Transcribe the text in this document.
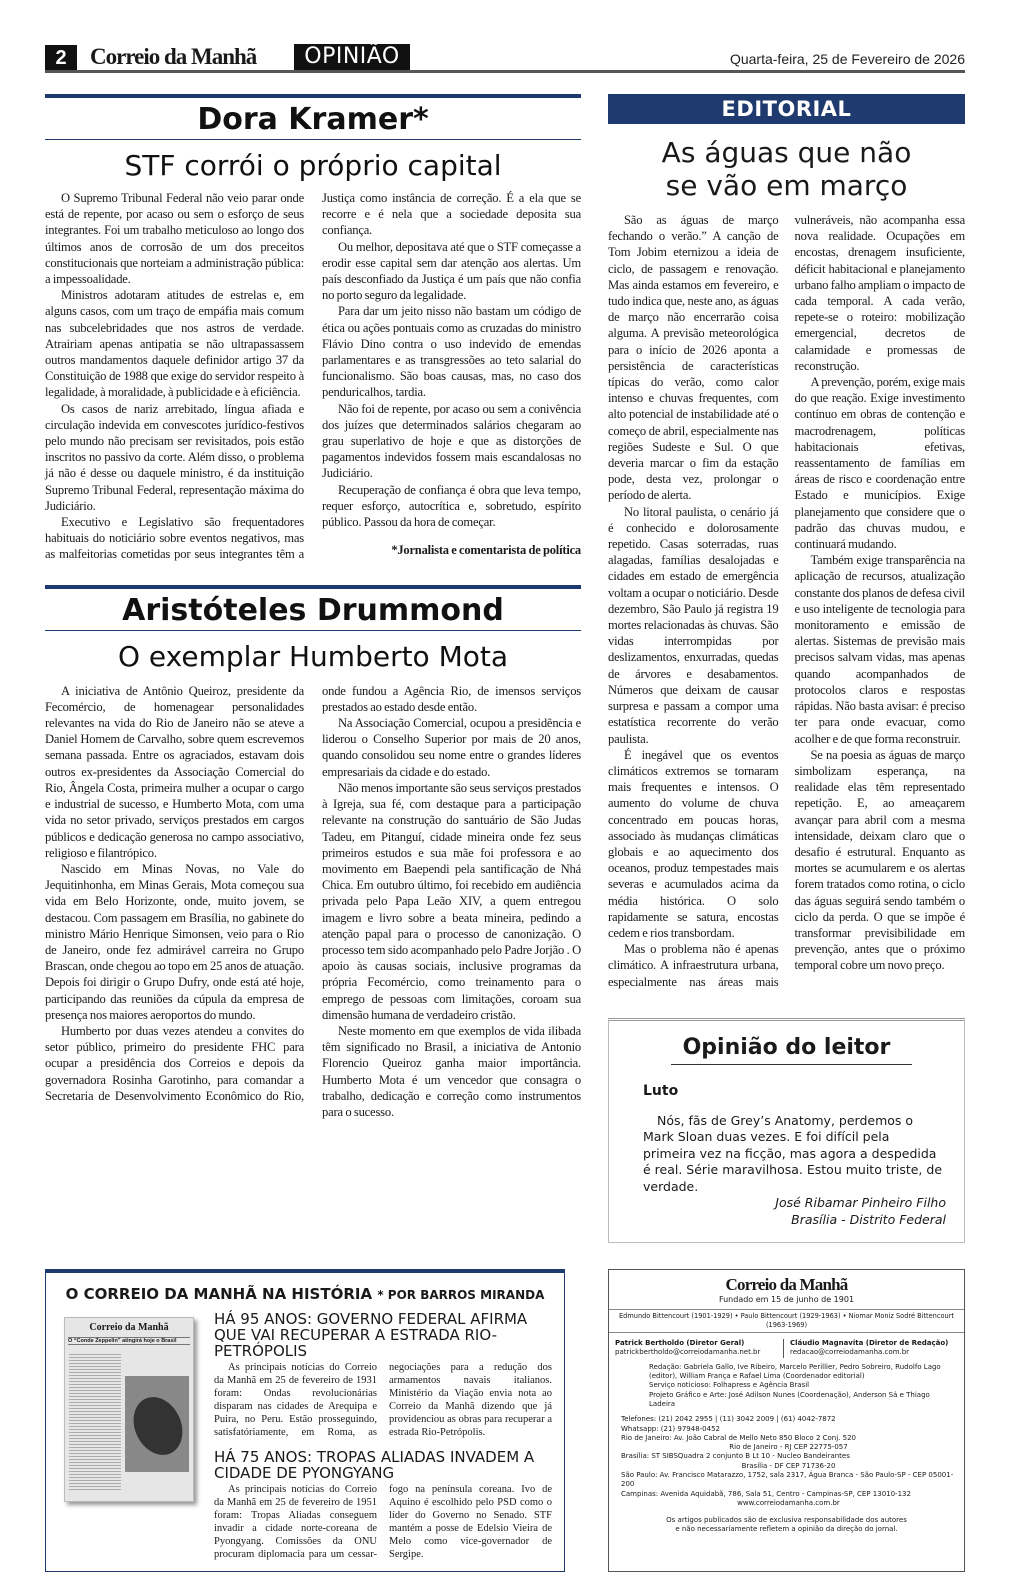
2	Correio da Manhã	OPINIÃO	Quarta-feira, 25 de Fevereiro de 2026
Dora Kramer*
STF corrói o próprio capital

O Supremo Tribunal Federal não veio parar onde está de repente, por acaso ou sem o esforço de seus integrantes. Foi um trabalho meticuloso ao longo dos últimos anos de corrosão de um dos preceitos constitucionais que norteiam a administração pública: a impessoalidade.

Ministros adotaram atitudes de estrelas e, em alguns casos, com um traço de empáfia mais comum nas subcelebridades que nos astros de verdade. Atrairiam apenas antipatia se não ultrapassassem outros mandamentos daquele definidor artigo 37 da Constituição de 1988 que exige do servidor respeito à legalidade, à moralidade, à publicidade e à eficiência.

Os casos de nariz arrebitado, língua afiada e circulação indevida em convescotes jurídico-festivos pelo mundo não precisam ser revisitados, pois estão inscritos no passivo da corte. Além disso, o problema já não é desse ou daquele ministro, é da instituição Supremo Tribunal Federal, representação máxima do Judiciário.

Executivo e Legislativo são frequentadores habituais do noticiário sobre eventos negativos, mas as malfeitorias cometidas por seus integrantes têm a Justiça como instância de correção. É a ela que se recorre e é nela que a sociedade deposita sua confiança.

Ou melhor, depositava até que o STF começasse a erodir esse capital sem dar atenção aos alertas. Um país desconfiado da Justiça é um país que não confia no porto seguro da legalidade.

Para dar um jeito nisso não bastam um código de ética ou ações pontuais como as cruzadas do ministro Flávio Dino contra o uso indevido de emendas parlamentares e as transgressões ao teto salarial do funcionalismo. São boas causas, mas, no caso dos penduricalhos, tardia.

Não foi de repente, por acaso ou sem a conivência dos juízes que determinados salários chegaram ao grau superlativo de hoje e que as distorções de pagamentos indevidos fossem mais escandalosas no Judiciário.

Recuperação de confiança é obra que leva tempo, requer esforço, autocrítica e, sobretudo, espírito público. Passou da hora de começar.

*Jornalista e comentarista de política

Aristóteles Drummond
O exemplar Humberto Mota

A iniciativa de Antônio Queiroz, presidente da Fecomércio, de homenagear personalidades relevantes na vida do Rio de Janeiro não se ateve a Daniel Homem de Carvalho, sobre quem escrevemos semana passada. Entre os agraciados, estavam dois outros ex-presidentes da Associação Comercial do Rio, Ângela Costa, primeira mulher a ocupar o cargo e industrial de sucesso, e Humberto Mota, com uma vida no setor privado, serviços prestados em cargos públicos e dedicação generosa no campo associativo, religioso e filantrópico.

Nascido em Minas Novas, no Vale do Jequitinhonha, em Minas Gerais, Mota começou sua vida em Belo Horizonte, onde, muito jovem, se destacou. Com passagem em Brasília, no gabinete do ministro Mário Henrique Simonsen, veio para o Rio de Janeiro, onde fez admirável carreira no Grupo Brascan, onde chegou ao topo em 25 anos de atuação. Depois foi dirigir o Grupo Dufry, onde está até hoje, participando das reuniões da cúpula da empresa de presença nos maiores aeroportos do mundo.

Humberto por duas vezes atendeu a convites do setor público, primeiro do presidente FHC para ocupar a presidência dos Correios e depois da governadora Rosinha Garotinho, para comandar a Secretaria de Desenvolvimento Econômico do Rio, onde fundou a Agência Rio, de imensos serviços prestados ao estado desde então.

Na Associação Comercial, ocupou a presidência e liderou o Conselho Superior por mais de 20 anos, quando consolidou seu nome entre o grandes líderes empresariais da cidade e do estado.

Não menos importante são seus serviços prestados à Igreja, sua fé, com destaque para a participação relevante na construção do santuário de São Judas Tadeu, em Pitanguí, cidade mineira onde fez seus primeiros estudos e sua mãe foi professora e ao movimento em Baependi pela santificação de Nhá Chica. Em outubro último, foi recebido em audiência privada pelo Papa Leão XIV, a quem entregou imagem e livro sobre a beata mineira, pedindo a atenção papal para o processo de canonização. O processo tem sido acompanhado pelo Padre Jorjão . O apoio às causas sociais, inclusive programas da própria Fecomércio, como treinamento para o emprego de pessoas com limitações, coroam sua dimensão humana de verdadeiro cristão.

Neste momento em que exemplos de vida ilibada têm significado no Brasil, a iniciativa de Antonio Florencio Queiroz ganha maior importância. Humberto Mota é um vencedor que consagra o trabalho, dedicação e correção como instrumentos para o sucesso.

EDITORIAL
As águas que não
se vão em março

São as águas de março fechando o verão.” A canção de Tom Jobim eternizou a ideia de ciclo, de passagem e renovação. Mas ainda estamos em fevereiro, e tudo indica que, neste ano, as águas de março não encerrarão coisa alguma. A previsão meteorológica para o início de 2026 aponta a persistência de características típicas do verão, como calor intenso e chuvas frequentes, com alto potencial de instabilidade até o começo de abril, especialmente nas regiões Sudeste e Sul. O que deveria marcar o fim da estação pode, desta vez, prolongar o período de alerta.

No litoral paulista, o cenário já é conhecido e dolorosamente repetido. Casas soterradas, ruas alagadas, famílias desalojadas e cidades em estado de emergência voltam a ocupar o noticiário. Desde dezembro, São Paulo já registra 19 mortes relacionadas às chuvas. São vidas interrompidas por deslizamentos, enxurradas, quedas de árvores e desabamentos. Números que deixam de causar surpresa e passam a compor uma estatística recorrente do verão paulista.

É inegável que os eventos climáticos extremos se tornaram mais frequentes e intensos. O aumento do volume de chuva concentrado em poucas horas, associado às mudanças climáticas globais e ao aquecimento dos oceanos, produz tempestades mais severas e acumulados acima da média histórica. O solo rapidamente se satura, encostas cedem e rios transbordam.

Mas o problema não é apenas climático. A infraestrutura urbana, especialmente nas áreas mais vulneráveis, não acompanha essa nova realidade. Ocupações em encostas, drenagem insuficiente, déficit habitacional e planejamento urbano falho ampliam o impacto de cada temporal. A cada verão, repete-se o roteiro: mobilização emergencial, decretos de calamidade e promessas de reconstrução.

A prevenção, porém, exige mais do que reação. Exige investimento contínuo em obras de contenção e macrodrenagem, políticas habitacionais efetivas, reassentamento de famílias em áreas de risco e coordenação entre Estado e municípios. Exige planejamento que considere que o padrão das chuvas mudou, e continuará mudando.

Também exige transparência na aplicação de recursos, atualização constante dos planos de defesa civil e uso inteligente de tecnologia para monitoramento e emissão de alertas. Sistemas de previsão mais precisos salvam vidas, mas apenas quando acompanhados de protocolos claros e respostas rápidas. Não basta avisar: é preciso ter para onde evacuar, como acolher e de que forma reconstruir.

Se na poesia as águas de março simbolizam esperança, na realidade elas têm representado repetição. E, ao ameaçarem avançar para abril com a mesma intensidade, deixam claro que o desafio é estrutural. Enquanto as mortes se acumularem e os alertas forem tratados como rotina, o ciclo das águas seguirá sendo também o ciclo da perda. O que se impõe é transformar previsibilidade em prevenção, antes que o próximo temporal cobre um novo preço.

Opinião do leitor
Luto
Nós, fãs de Grey’s Anatomy, perdemos o Mark Sloan duas vezes. E foi difícil pela primeira vez na ficção, mas agora a despedida é real. Série maravilhosa. Estou muito triste, de verdade.
José Ribamar Pinheiro Filho
Brasília - Distrito Federal
O CORREIO DA MANHÃ NA HISTÓRIA * POR BARROS MIRANDA
Correio da Manhã
O “Conde Zeppelin” atingirá hoje o Brasil
HÁ 95 ANOS: GOVERNO FEDERAL AFIRMA QUE VAI RECUPERAR A ESTRADA RIO-PETRÓPOLIS

As principais notícias do Correio da Manhã em 25 de fevereiro de 1931 foram: Ondas revolucionárias disparam nas cidades de Arequipa e Puira, no Peru. Estão prosseguindo, satisfatóriamente, em Roma, as negociações para a redução dos armamentos navais italianos. Ministério da Viação envia nota ao Correio da Manhã dizendo que já providenciou as obras para recuperar a estrada Rio-Petrópolis.

HÁ 75 ANOS: TROPAS ALIADAS INVADEM A CIDADE DE PYONGYANG

As principais notícias do Correio da Manhã em 25 de fevereiro de 1951 foram: Tropas Aliadas conseguem invadir a cidade norte-coreana de Pyongyang. Comissões da ONU procuram diplomacia para um cessar-fogo na península coreana. Ivo de Aquino é escolhido pelo PSD como o líder do Governo no Senado. STF mantém a posse de Edelsio Vieira de Melo como vice-governador de Sergipe.

Correio da Manhã
Fundado em 15 de junho de 1901
Edmundo Bittencourt (1901-1929) • Paulo Bittencourt (1929-1963) • Niomar Moniz Sodré Bittencourt (1963-1969)
Patrick Bertholdo (Diretor Geral)
patrickbertholdo@correiodamanha.net.br
Cláudio Magnavita (Diretor de Redação)
redacao@correiodamanha.com.br
Redação: Gabriela Gallo, Ive Ribeiro, Marcelo Perillier, Pedro Sobreiro, Rudolfo Lago (editor), William França e Rafael Lima (Coordenador editorial)
Serviço noticioso: Folhapress e Agência Brasil
Projeto Gráfico e Arte: José Adilson Nunes (Coordenação), Anderson Sá e Thiago Ladeira
Telefones: (21) 2042 2955 | (11) 3042 2009 | (61) 4042-7872
Whatsapp: (21) 97948-0452
Rio de Janeiro: Av. João Cabral de Mello Neto 850 Bloco 2 Conj. 520
Rio de Janeiro - RJ CEP 22775-057
Brasília: ST SIBSQuadra 2 conjunto B Lt 10 - Nucleo Bandeirantes
Brasília - DF CEP 71736-20
São Paulo: Av. Francisco Matarazzo, 1752, sala 2317, Água Branca - São Paulo-SP - CEP 05001-200
Campinas: Avenida Aquidabã, 786, Sala 51, Centro - Campinas-SP, CEP 13010-132
www.correiodamanha.com.br
Os artigos publicados são de exclusiva responsabilidade dos autores
e não necessariamente refletem a opinião da direção do jornal.
